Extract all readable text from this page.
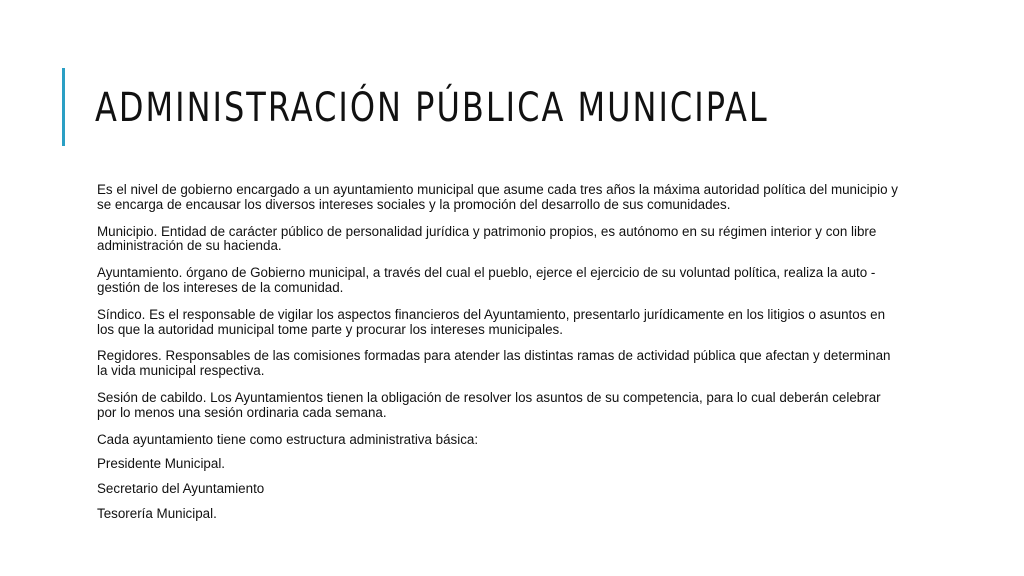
ADMINISTRACIÓN PÚBLICA MUNICIPAL

Es el nivel de gobierno encargado a un ayuntamiento municipal que asume cada tres años la máxima autoridad política del municipio y se encarga de encausar los diversos intereses sociales y la promoción del desarrollo de sus comunidades.

Municipio. Entidad de carácter público de personalidad jurídica y patrimonio propios, es autónomo en su régimen interior y con libre administración de su hacienda.

Ayuntamiento. órgano de Gobierno municipal, a través del cual el pueblo, ejerce el ejercicio de su voluntad política, realiza la auto - gestión de los intereses de la comunidad.

Síndico. Es el responsable de vigilar los aspectos financieros del Ayuntamiento, presentarlo jurídicamente en los litigios o asuntos en los que la autoridad municipal tome parte y procurar los intereses municipales.

Regidores. Responsables de las comisiones formadas para atender las distintas ramas de actividad pública que afectan y determinan la vida municipal respectiva.

Sesión de cabildo. Los Ayuntamientos tienen la obligación de resolver los asuntos de su competencia, para lo cual deberán celebrar por lo menos una sesión ordinaria cada semana.

Cada ayuntamiento tiene como estructura administrativa básica:

Presidente Municipal.

Secretario del Ayuntamiento

Tesorería Municipal.
